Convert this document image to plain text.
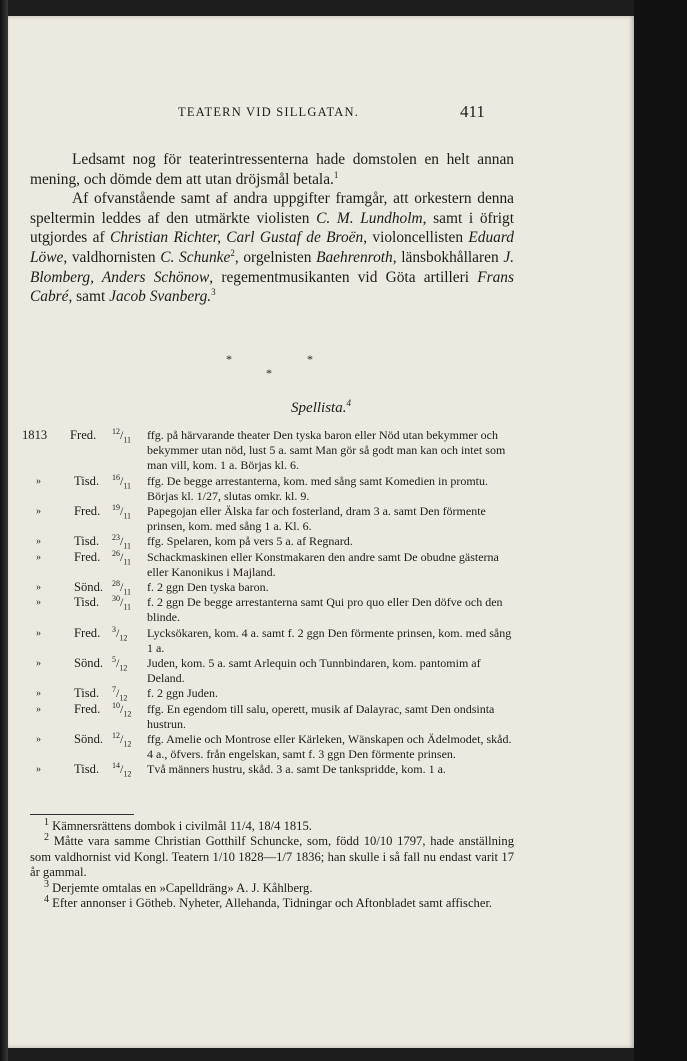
TEATERN VID SILLGATAN.	411

Ledsamt nog för teaterintressenterna hade domstolen en helt annan mening, och dömde dem att utan dröjsmål betala.$^1$

Af ofvanstående samt af andra uppgifter framgår, att orkestern denna speltermin leddes af den utmärkte violisten C. M. Lundholm, samt i öfrigt utgjordes af Christian Richter, Carl Gustaf de Broën, violoncellisten Eduard Löwe, valdhornisten C. Schunke$^2$, orgelnisten Baehrenroth, länsbokhållaren J. Blomberg, Anders Schönow, regementmusikanten vid Göta artilleri Frans Cabré, samt Jacob Svanberg.$^3$

*	*
*
Spellista.$^4$
1813 Fred. $^{12}/_{11}$	ffg. på härvarande theater Den tyska baron eller Nöd utan bekymmer och bekymmer utan nöd, lust 5 a. samt Man gör så godt man kan och intet som man vill, kom. 1 a. Börjas kl. 6.
»	Tisd. $^{16}/_{11}$	ffg. De begge arrestanterna, kom. med sång samt Komedien in promtu. Börjas kl. 1/27, slutas omkr. kl. 9.
»	Fred. $^{19}/_{11}$	Papegojan eller Älska far och fosterland, dram 3 a. samt Den förmente prinsen, kom. med sång 1 a. Kl. 6.
»	Tisd. $^{23}/_{11}$	ffg. Spelaren, kom på vers 5 a. af Regnard.
»	Fred. $^{26}/_{11}$	Schackmaskinen eller Konstmakaren den andre samt De obudne gästerna eller Kanonikus i Majland.
»	Sönd. $^{28}/_{11}$	f. 2 ggn Den tyska baron.
»	Tisd. $^{30}/_{11}$	f. 2 ggn De begge arrestanterna samt Qui pro quo eller Den döfve och den blinde.
»	Fred. $^3/_{12}$	Lycksökaren, kom. 4 a. samt f. 2 ggn Den förmente prinsen, kom. med sång 1 a.
»	Sönd. $^5/_{12}$	Juden, kom. 5 a. samt Arlequin och Tunnbindaren, kom. pantomim af Deland.
»	Tisd. $^7/_{12}$	f. 2 ggn Juden.
»	Fred. $^{10}/_{12}$	ffg. En egendom till salu, operett, musik af Dalayrac, samt Den ondsinta hustrun.
»	Sönd. $^{12}/_{12}$	ffg. Amelie och Montrose eller Kärleken, Wänskapen och Ädelmodet, skåd. 4 a., öfvers. från engelskan, samt f. 3 ggn Den förmente prinsen.
»	Tisd. $^{14}/_{12}$	Två männers hustru, skåd. 3 a. samt De tankspridde, kom. 1 a.

$^1$ Kämnersrättens dombok i civilmål 11/4, 18/4 1815.

$^2$ Måtte vara samme Christian Gotthilf Schuncke, som, född 10/10 1797, hade anställning som valdhornist vid Kongl. Teatern 1/10 1828—1/7 1836; han skulle i så fall nu endast varit 17 år gammal.

$^3$ Derjemte omtalas en »Capelldräng» A. J. Kåhlberg.

$^4$ Efter annonser i Götheb. Nyheter, Allehanda, Tidningar och Aftonbladet samt affischer.
